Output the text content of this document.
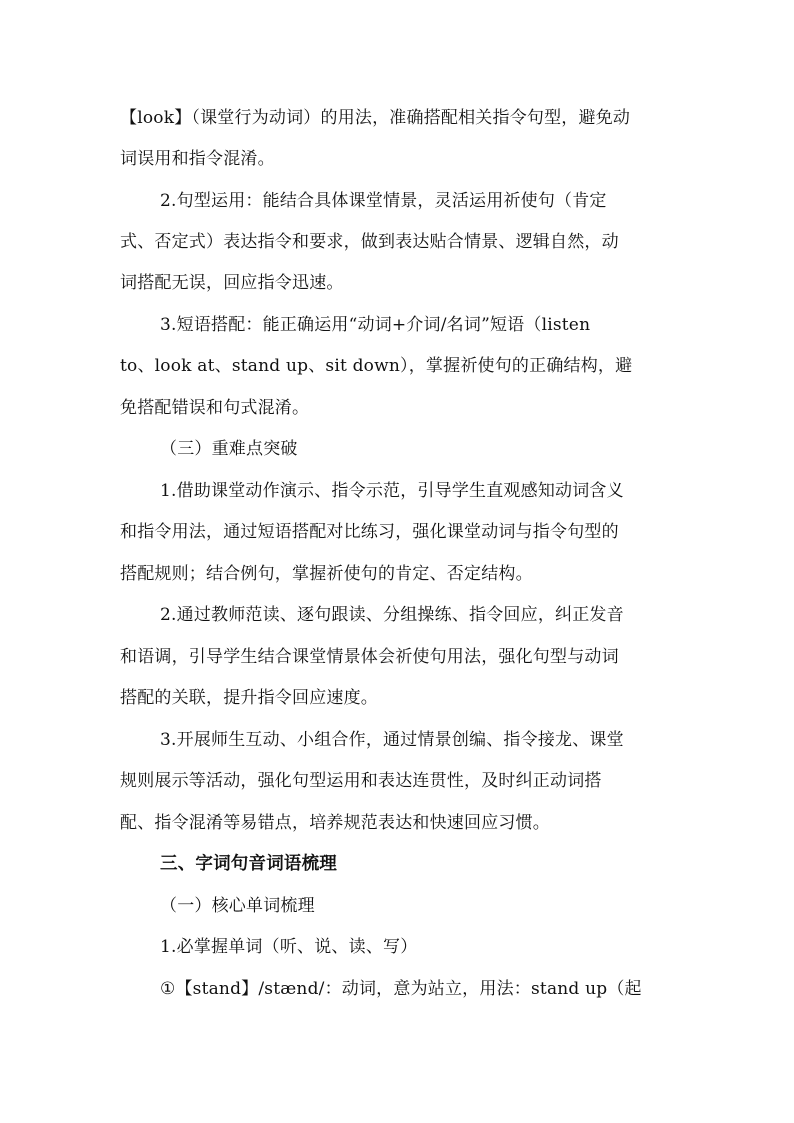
【look】（课堂行为动词）的用法，准确搭配相关指令句型，避免动
词误用和指令混淆。
2.句型运用：能结合具体课堂情景，灵活运用祈使句（肯定
式、否定式）表达指令和要求，做到表达贴合情景、逻辑自然，动
词搭配无误，回应指令迅速。
3.短语搭配：能正确运用“动词+介词/名词”短语（listen
to、look at、stand up、sit down），掌握祈使句的正确结构，避
免搭配错误和句式混淆。
（三）重难点突破
1.借助课堂动作演示、指令示范，引导学生直观感知动词含义
和指令用法，通过短语搭配对比练习，强化课堂动词与指令句型的
搭配规则；结合例句，掌握祈使句的肯定、否定结构。
2.通过教师范读、逐句跟读、分组操练、指令回应，纠正发音
和语调，引导学生结合课堂情景体会祈使句用法，强化句型与动词
搭配的关联，提升指令回应速度。
3.开展师生互动、小组合作，通过情景创编、指令接龙、课堂
规则展示等活动，强化句型运用和表达连贯性，及时纠正动词搭
配、指令混淆等易错点，培养规范表达和快速回应习惯。
三、字词句音词语梳理
（一）核心单词梳理
1.必掌握单词（听、说、读、写）
①【stand】/stænd/：动词，意为站立，用法：stand up（起
